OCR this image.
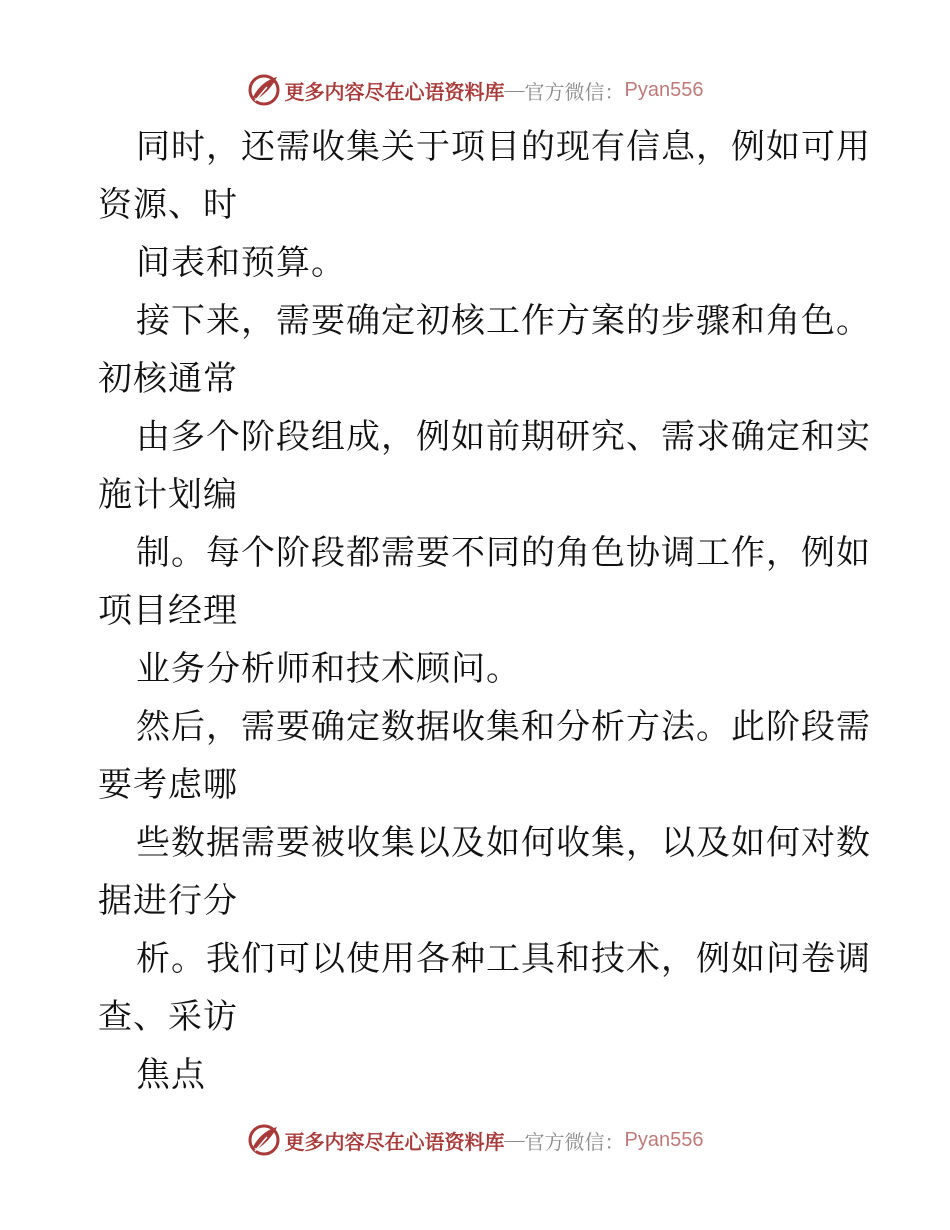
更多内容尽在心语资料库 — 官方微信： Pyan556
同时，还需收集关于项目的现有信息，例如可用
资源、时
间表和预算。
接下来，需要确定初核工作方案的步骤和角色。
初核通常
由多个阶段组成，例如前期研究、需求确定和实
施计划编
制。每个阶段都需要不同的角色协调工作，例如
项目经理
业务分析师和技术顾问。
然后，需要确定数据收集和分析方法。此阶段需
要考虑哪
些数据需要被收集以及如何收集，以及如何对数
据进行分
析。我们可以使用各种工具和技术，例如问卷调
查、采访
焦点
更多内容尽在心语资料库 — 官方微信： Pyan556
